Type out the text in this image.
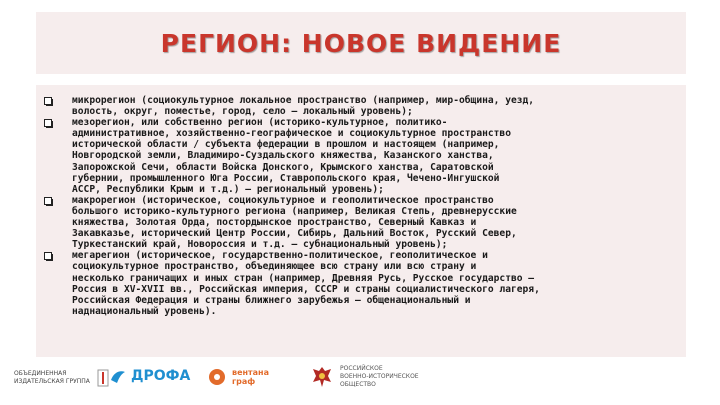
РЕГИОН: НОВОЕ ВИДЕНИЕ
микрорегион (социокультурное локальное пространство (например, мир-община, уезд,
волость, округ, поместье, город, село – локальный уровень);
мезорегион, или собственно регион (историко-культурное, политико-
административное, хозяйственно-географическое и социокультурное пространство
исторической области / субъекта федерации в прошлом и настоящем (например,
Новгородской земли, Владимиро-Суздальского княжества, Казанского ханства,
Запорожской Сечи, области Войска Донского, Крымского ханства, Саратовской
губернии, промышленного Юга России, Ставропольского края, Чечено-Ингушской
АССР, Республики Крым и т.д.) – региональный уровень);
макрорегион (историческое, социокультурное и геополитическое пространство
большого историко-культурного региона (например, Великая Степь, древнерусские
княжества, Золотая Орда, постордынское пространство, Северный Кавказ и
Закавказье, исторический Центр России, Сибирь, Дальний Восток, Русский Север,
Туркестанский край, Новороссия и т.д. – субнациональный уровень);
мегарегион (историческое, государственно-политическое, геополитическое и
социокультурное пространство, объединяющее всю страну или всю страну и
несколько граничащих и иных стран (например, Древняя Русь, Русское государство –
Россия в XV-XVII вв., Российская империя, СССР и страны социалистического лагеря,
Российская Федерация и страны ближнего зарубежья – общенациональный и
наднациональный уровень).
ОБЪЕДИНЕННАЯ
ИЗДАТЕЛЬСКАЯ ГРУППА	ДРОФА	вентана
граф
РОССИЙСКОЕ
ВОЕННО-ИСТОРИЧЕСКОЕ
ОБЩЕСТВО
